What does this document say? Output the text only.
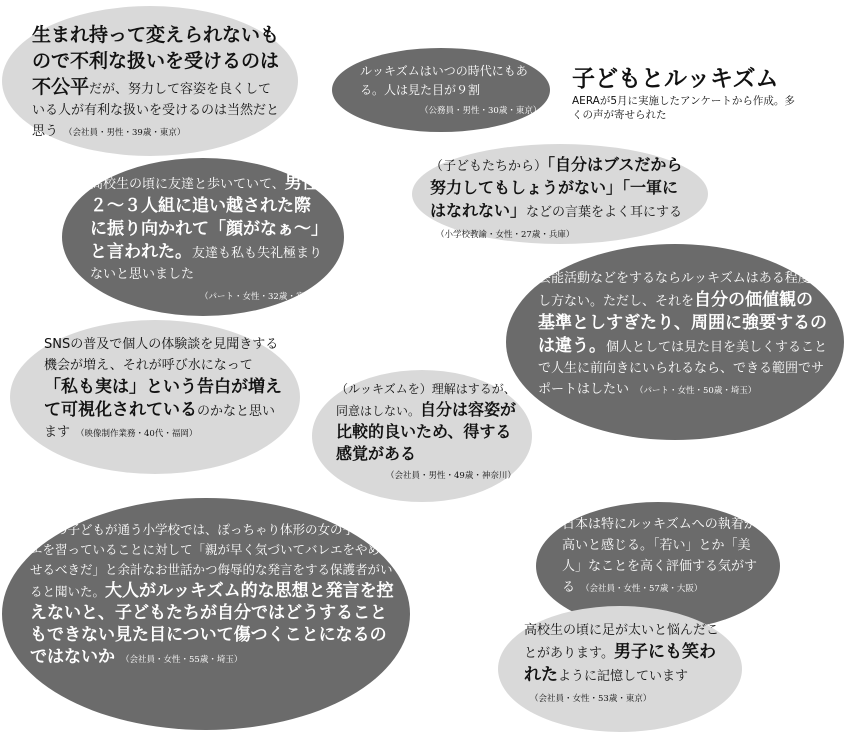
子どもとルッキズム
AERAが5月に実施したアンケートから作成。多くの声が寄せられた
生まれ持って変えられないもので不利な扱いを受けるのは不公平だが、努力して容姿を良くしている人が有利な扱いを受けるのは当然だと思う （会社員・男性・39歳・東京）
ルッキズムはいつの時代にもある。人は見た目が９割
（公務員・男性・30歳・東京）
（子どもたちから）「自分はブスだから努力してもしょうがない」「一軍にはなれない」などの言葉をよく耳にする（小学校教諭・女性・27歳・兵庫）
高校生の頃に友達と歩いていて、男性２～３人組に追い越された際に振り向かれて「顔がなぁ～」と言われた。友達も私も失礼極まりないと思いました
（パート・女性・32歳・宮城）
芸能活動などをするならルッキズムはある程度致し方ない。ただし、それを自分の価値観の基準としすぎたり、周囲に強要するのは違う。個人としては見た目を美しくすることで人生に前向きにいられるなら、できる範囲でサポートはしたい （パート・女性・50歳・埼玉）
SNSの普及で個人の体験談を見聞きする機会が増え、それが呼び水になって「私も実は」という告白が増えて可視化されているのかなと思います （映像制作業務・40代・福岡）
（ルッキズムを）理解はするが、同意はしない。自分は容姿が比較的良いため、得する感覚がある
（会社員・男性・49歳・神奈川）
友人の子どもが通う小学校では、ぽっちゃり体形の女の子がバレエを習っていることに対して「親が早く気づいてバレエをやめさせるべきだ」と余計なお世話かつ侮辱的な発言をする保護者がいると聞いた。大人がルッキズム的な思想と発言を控えないと、子どもたちが自分ではどうすることもできない見た目について傷つくことになるのではないか （会社員・女性・55歳・埼玉）
日本は特にルッキズムへの執着が高いと感じる。「若い」とか「美人」なことを高く評価する気がする （会社員・女性・57歳・大阪）
高校生の頃に足が太いと悩んだことがあります。男子にも笑われたように記憶しています（会社員・女性・53歳・東京）
